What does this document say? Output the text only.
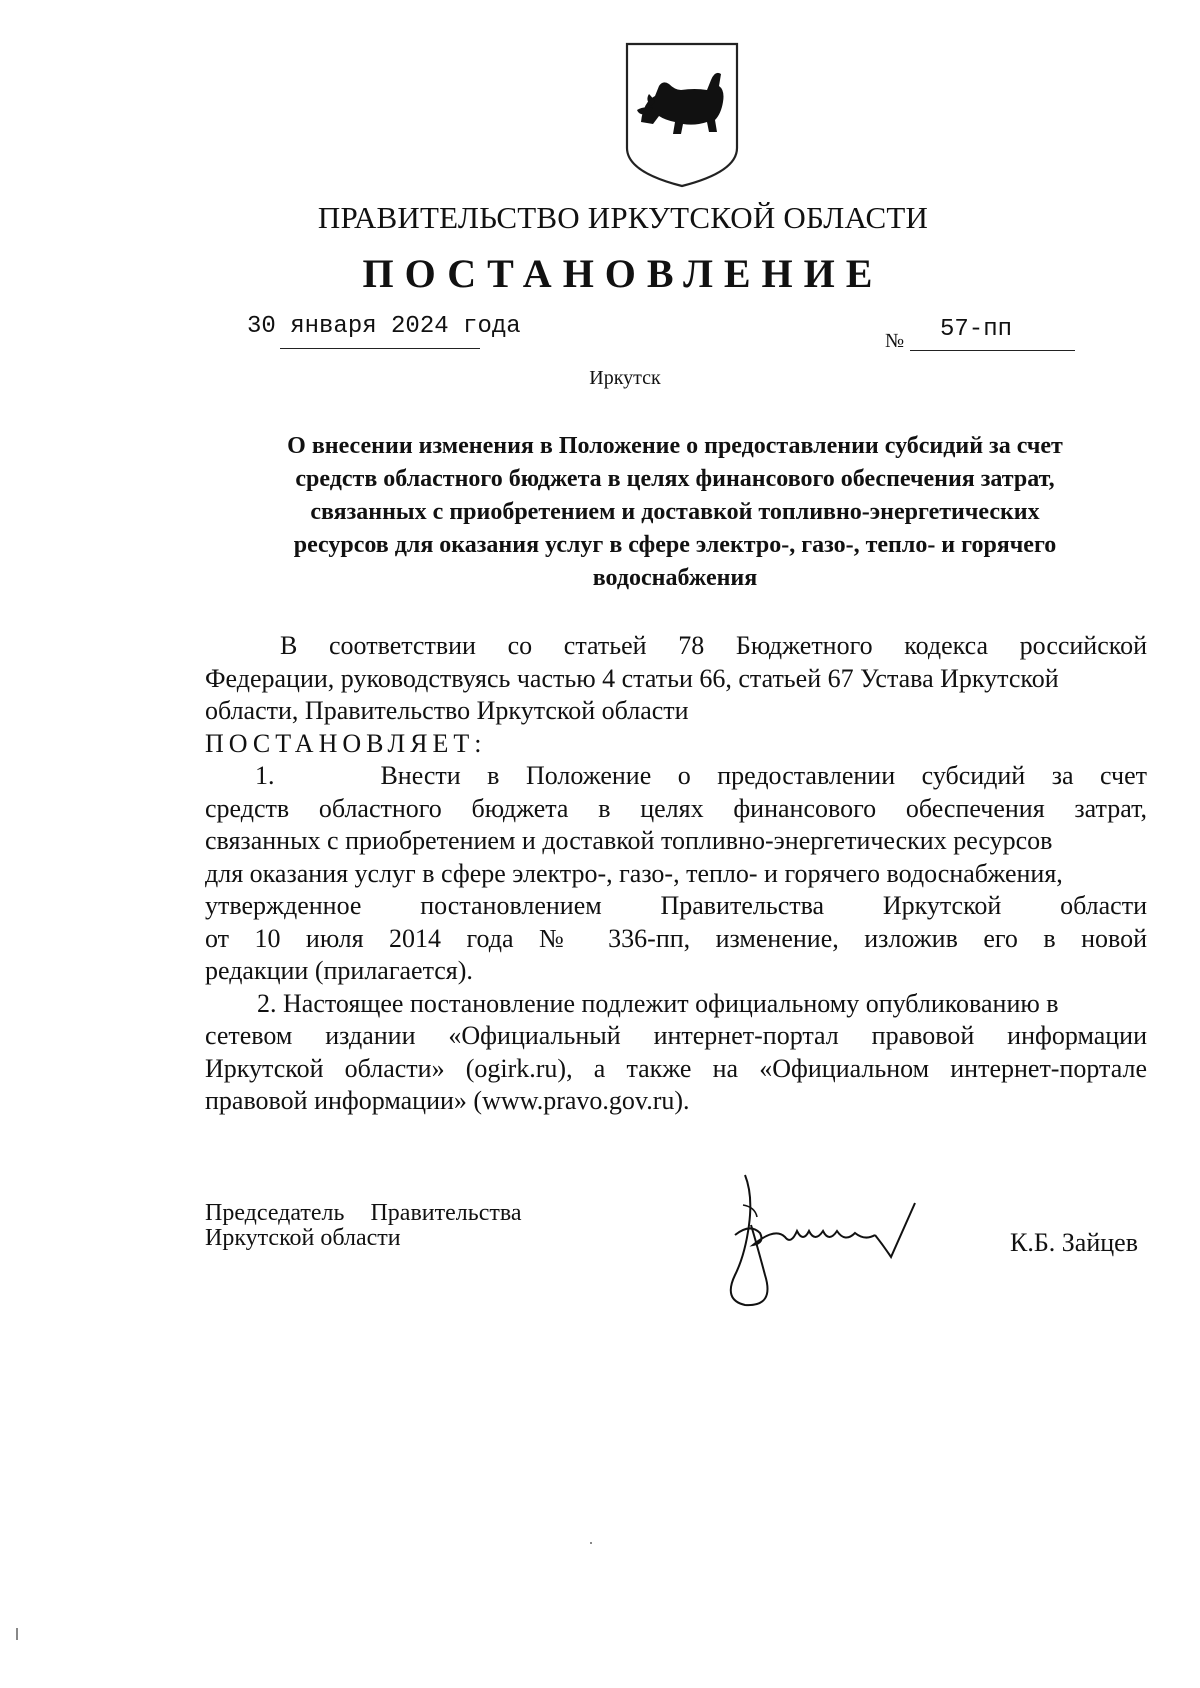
ПРАВИТЕЛЬСТВО ИРКУТСКОЙ ОБЛАСТИ
ПОСТАНОВЛЕНИЕ
30 января 2024 года
№ 57-пп
Иркутск
О внесении изменения в Положение о предоставлении субсидий за счет
средств областного бюджета в целях финансового обеспечения затрат,
связанных с приобретением и доставкой топливно-энергетических
ресурсов для оказания услуг в сфере электро-, газо-, тепло- и горячего
водоснабжения
В соответствии со статьей 78 Бюджетного кодекса российской
Федерации, руководствуясь частью 4 статьи 66, статьей 67 Устава Иркутской
области, Правительство Иркутской области
ПОСТАНОВЛЯЕТ:
1.    Внести в Положение о предоставлении субсидий за счет
средств областного бюджета в целях финансового обеспечения затрат,
связанных с приобретением и доставкой топливно-энергетических ресурсов
для оказания услуг в сфере электро-, газо-, тепло- и горячего водоснабжения,
утвержденное постановлением Правительства Иркутской области
от 10 июля 2014 года № 336-пп, изменение, изложив его в новой
редакции (прилагается).
2. Настоящее постановление подлежит официальному опубликованию в
сетевом издании «Официальный интернет-портал правовой информации
Иркутской области» (ogirk.ru), а также на «Официальном интернет-портале
правовой информации» (www.pravo.gov.ru).
Председатель Правительства
Иркутской области	К.Б. Зайцев
